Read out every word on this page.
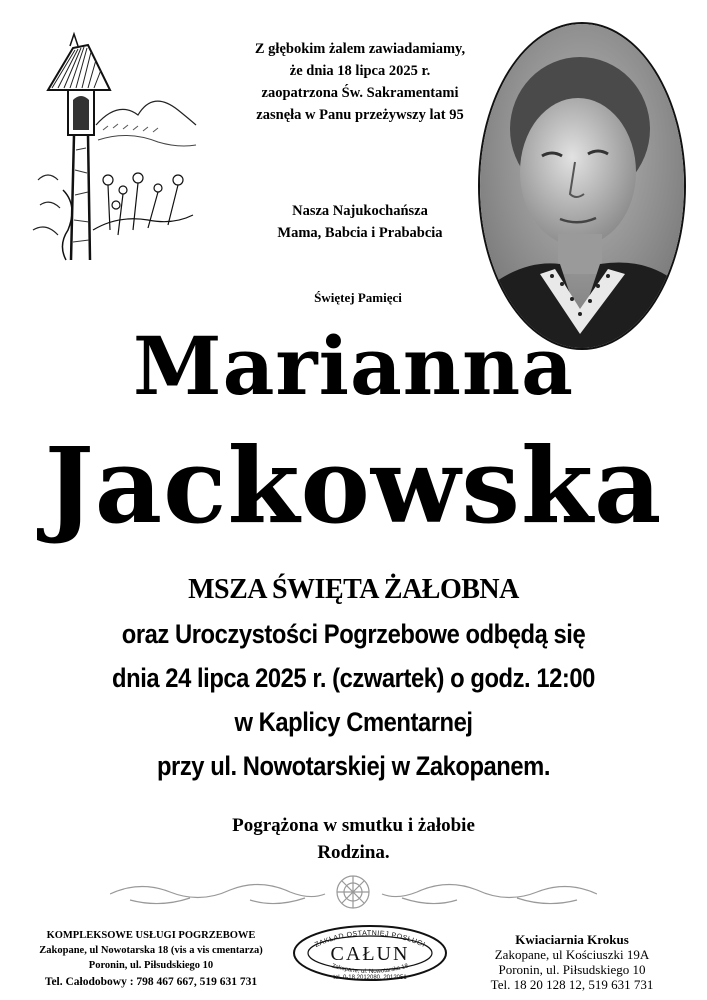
Z głębokim żalem zawiadamiamy,
że dnia 18 lipca 2025 r.
zaopatrzona Św. Sakramentami
zasnęła w Panu przeżywszy lat 95
Nasza Najukochańsza
Mama, Babcia i Prababcia
Świętej Pamięci
Marianna
Jackowska
MSZA ŚWIĘTA ŻAŁOBNA
oraz Uroczystości Pogrzebowe odbędą się
dnia 24 lipca 2025 r. (czwartek) o godz. 12:00
w Kaplicy Cmentarnej
przy ul. Nowotarskiej w Zakopanem.
Pogrążona w smutku i żałobie
Rodzina.
KOMPLEKSOWE USŁUGI POGRZEBOWE
Zakopane, ul Nowotarska 18 (vis a vis cmentarza)
Poronin, ul. Piłsudskiego 10
Tel. Całodobowy : 798 467 667, 519 631 731
ZAKŁAD OSTATNIEJ POSŁUGI
CAŁUN
Zakopane, ul. Nowotarska 18
tel. 0-18 2012080, 2012051
Kwiaciarnia Krokus
Zakopane, ul Kościuszki 19A
Poronin, ul. Piłsudskiego 10
Tel. 18 20 128 12, 519 631 731
